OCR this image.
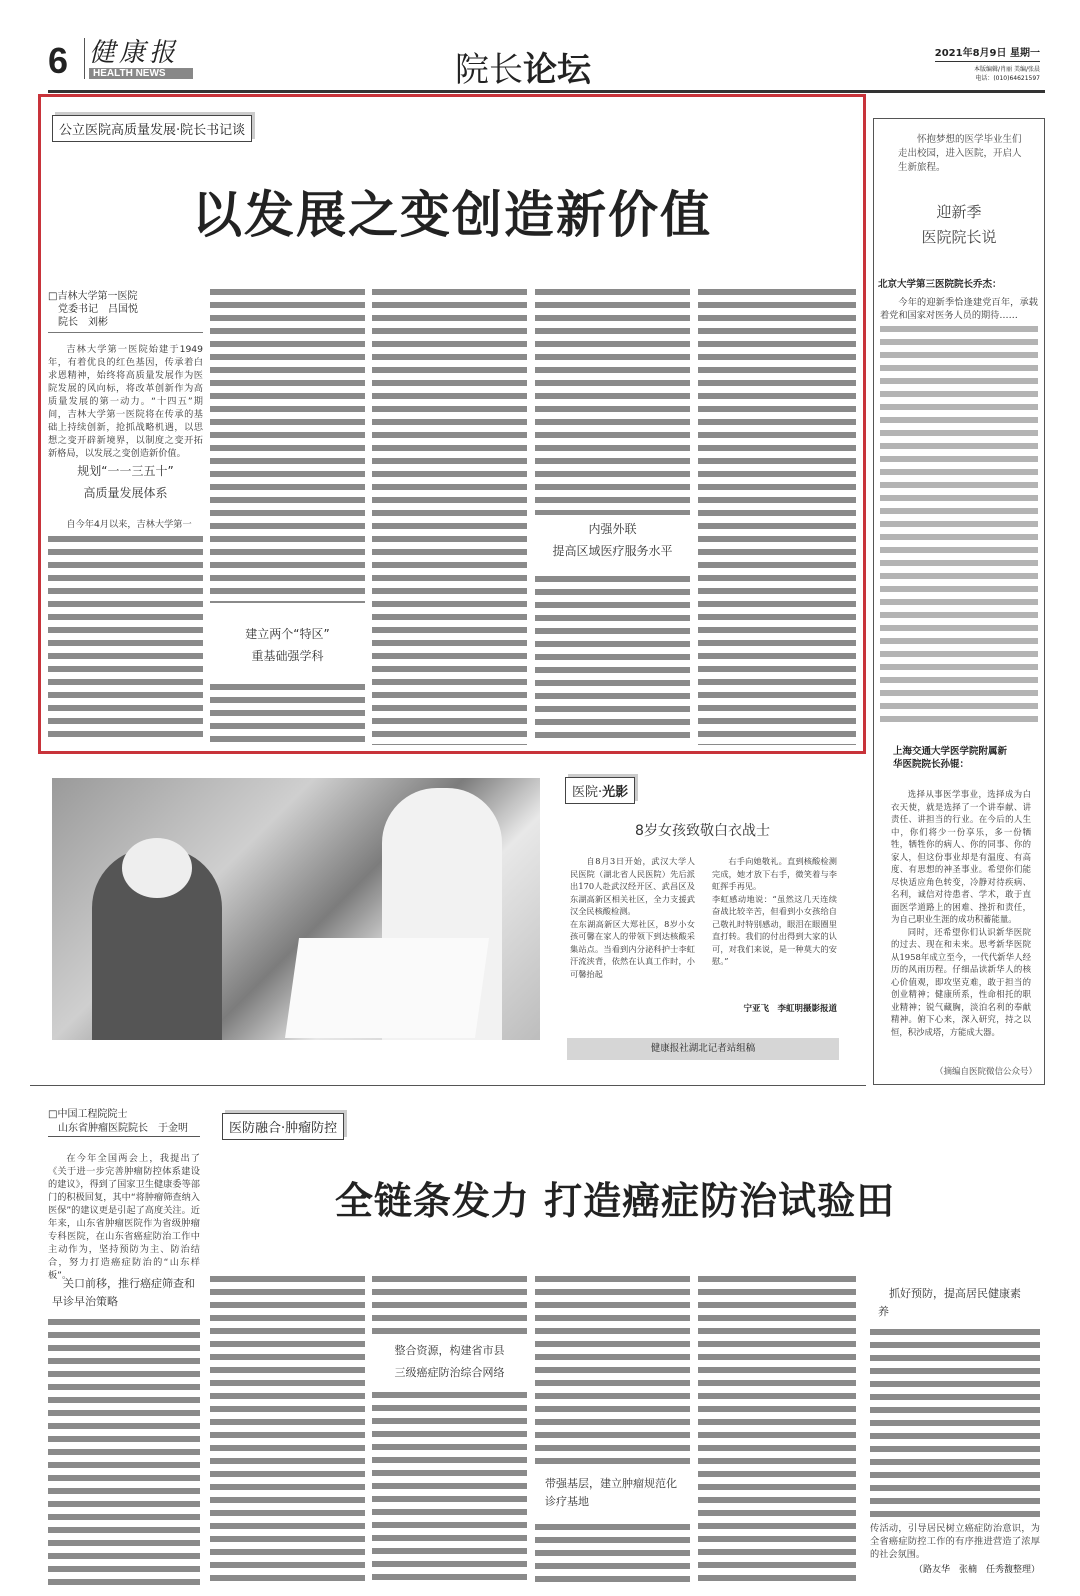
6 健康报
HEALTH NEWS	院长论坛	2021年8月9日 星期一
本版编辑/肖丽 美编/张晨
电话：(010)64621597
公立医院高质量发展·院长书记谈
以发展之变创造新价值
□吉林大学第一医院
党委书记　吕国悦
院长　刘彬
吉林大学第一医院始建于1949年，有着优良的红色基因，传承着白求恩精神，始终将高质量发展作为医院发展的风向标，将改革创新作为高质量发展的第一动力。“十四五”期间，吉林大学第一医院将在传承的基础上持续创新，抢抓战略机遇，以思想之变开辟新境界，以制度之变开拓新格局，以发展之变创造新价值。
规划“一一三五十”
高质量发展体系
自今年4月以来，吉林大学第一
建立两个“特区”
重基础强学科
内强外联
提高区域医疗服务水平
怀抱梦想的医学毕业生们走出校园，进入医院，开启人生新旅程。
迎新季
医院院长说
北京大学第三医院院长乔杰：
今年的迎新季恰逢建党百年，承载着党和国家对医务人员的期待……
上海交通大学医学院附属新华医院院长孙锟：
选择从事医学事业，选择成为白衣天使，就是选择了一个讲奉献、讲责任、讲担当的行业。在今后的人生中，你们将少一份享乐，多一份牺牲，牺牲你的病人、你的同事、你的家人，但这份事业却是有温度、有高度、有思想的神圣事业。希望你们能尽快适应角色转变，冷静对待疾病、名利，诚信对待患者、学术，敢于直面医学道路上的困难、挫折和责任，为自己职业生涯的成功积蓄能量。
同时，还希望你们认识新华医院的过去、现在和未来。思考新华医院从1958年成立至今，一代代新华人经历的风雨历程。仔细品读新华人的核心价值观，即攻坚克难，敢于担当的创业精神；健康所系，性命相托的职业精神；锐气藏胸，淡泊名利的奉献精神。俯下心来，深入研究，持之以恒，积沙成塔，方能成大器。
（摘编自医院微信公众号）
医院·光影
8岁女孩致敬白衣战士
自8月3日开始，武汉大学人民医院（湖北省人民医院）先后派出170人赴武汉经开区、武昌区及东湖高新区相关社区，全力支援武汉全民核酸检测。
在东湖高新区大郑社区，8岁小女孩可馨在家人的带领下到达核酸采集站点。当看到内分泌科护士李虹汗流浃背，依然在认真工作时，小可馨抬起
右手向她敬礼。直到核酸检测完成，她才放下右手，微笑着与李虹挥手再见。
李虹感动地说：“虽然这几天连续奋战比较辛苦，但看到小女孩给自己敬礼时特别感动，眼泪在眼圈里直打转。我们的付出得到大家的认可，对我们来说，是一种莫大的安慰。”
宁亚飞　李虹明摄影报道
健康报社湖北记者站组稿
□中国工程院院士
山东省肿瘤医院院长　于金明	医防融合·肿瘤防控
全链条发力 打造癌症防治试验田
在今年全国两会上，我提出了《关于进一步完善肿瘤防控体系建设的建议》，得到了国家卫生健康委等部门的积极回复，其中“将肿瘤筛查纳入医保”的建议更是引起了高度关注。近年来，山东省肿瘤医院作为省级肿瘤专科医院，在山东省癌症防治工作中主动作为，坚持预防为主、防治结合，努力打造癌症防治的“山东样板”。
关口前移，推行癌症筛查和早诊早治策略
整合资源，构建省市县
三级癌症防治综合网络
带强基层，建立肿瘤规范化诊疗基地
抓好预防，提高居民健康素养
传活动，引导居民树立癌症防治意识，为全省癌症防控工作的有序推进营造了浓厚的社会氛围。
（路友华　张楠　任秀馥整理）
